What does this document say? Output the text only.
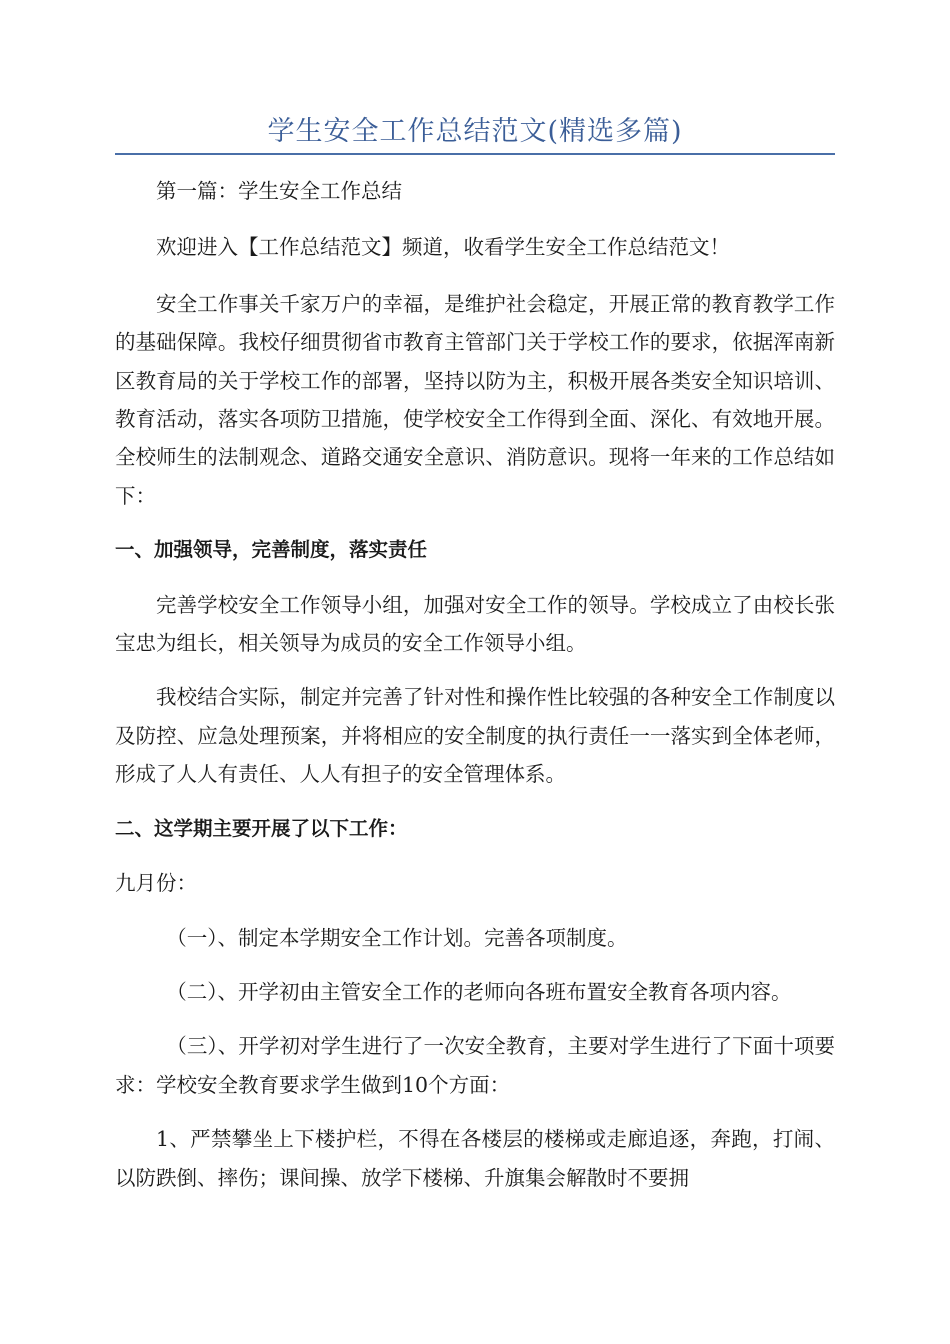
学生安全工作总结范文(精选多篇)

第一篇：学生安全工作总结

欢迎进入【工作总结范文】频道，收看学生安全工作总结范文！

安全工作事关千家万户的幸福，是维护社会稳定，开展正常的教育教学工作的基础保障。我校仔细贯彻省市教育主管部门关于学校工作的要求，依据浑南新区教育局的关于学校工作的部署，坚持以防为主，积极开展各类安全知识培训、教育活动，落实各项防卫措施，使学校安全工作得到全面、深化、有效地开展。全校师生的法制观念、道路交通安全意识、消防意识。现将一年来的工作总结如下：

一、加强领导，完善制度，落实责任

完善学校安全工作领导小组，加强对安全工作的领导。学校成立了由校长张宝忠为组长，相关领导为成员的安全工作领导小组。

我校结合实际，制定并完善了针对性和操作性比较强的各种安全工作制度以及防控、应急处理预案，并将相应的安全制度的执行责任一一落实到全体老师，形成了人人有责任、人人有担子的安全管理体系。

二、这学期主要开展了以下工作：

九月份：

（一）、制定本学期安全工作计划。完善各项制度。

（二）、开学初由主管安全工作的老师向各班布置安全教育各项内容。

（三）、开学初对学生进行了一次安全教育，主要对学生进行了下面十项要求：学校安全教育要求学生做到10个方面：

1、严禁攀坐上下楼护栏，不得在各楼层的楼梯或走廊追逐，奔跑，打闹、以防跌倒、摔伤；课间操、放学下楼梯、升旗集会解散时不要拥
